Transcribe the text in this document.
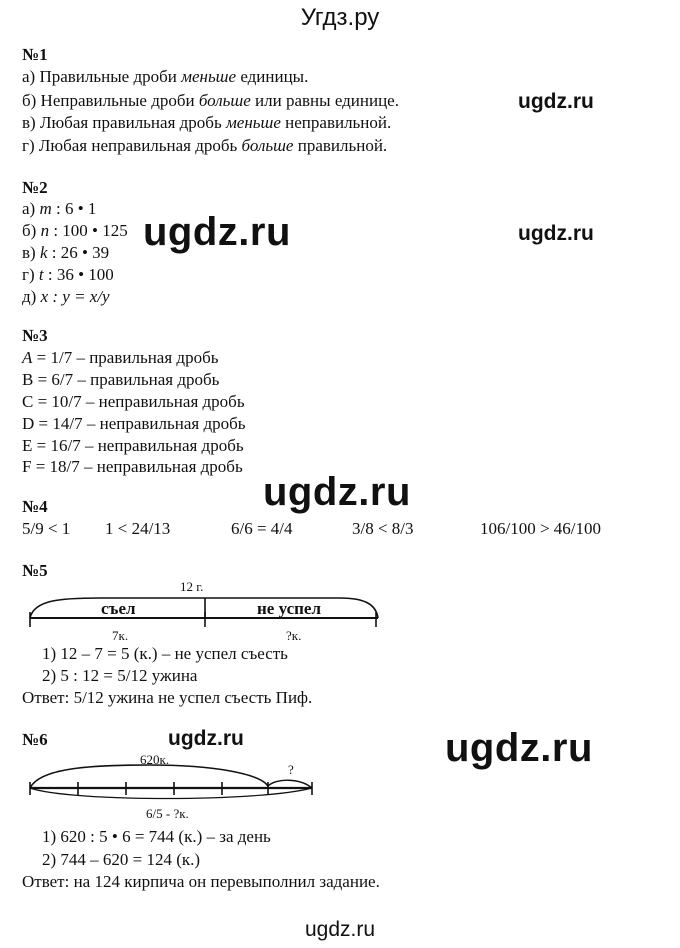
Угдз.ру
№1
а) Правильные дроби меньше единицы.
б) Неправильные дроби больше или равны единице.
в) Любая правильная дробь меньше неправильной.
г) Любая неправильная дробь больше правильной.
ugdz.ru
№2
а) m : 6 • 1
б) n : 100 • 125
в) k : 26 • 39
г) t : 36 • 100
д) x : y = x/y
ugdz.ru	ugdz.ru
№3
A = 1/7 – правильная дробь
B = 6/7 – правильная дробь
C = 10/7 – неправильная дробь
D = 14/7 – неправильная дробь
E = 16/7 – неправильная дробь
F = 18/7 – неправильная дробь
ugdz.ru
№4
5/9 < 1 1 < 24/13	6/6 = 4/4	3/8 < 8/3	106/100 > 46/100
№5
12 г.
съел	не успел
7к.	?к.
1) 12 – 7 = 5 (к.) – не успел съесть
2) 5 : 12 = 5/12 ужина
Ответ: 5/12 ужина не успел съесть Пиф.
№6	ugdz.ru	ugdz.ru
620к.
?
6/5 - ?к.
1) 620 : 5 • 6 = 744 (к.) – за день
2) 744 – 620 = 124 (к.)
Ответ: на 124 кирпича он перевыполнил задание.
ugdz.ru
